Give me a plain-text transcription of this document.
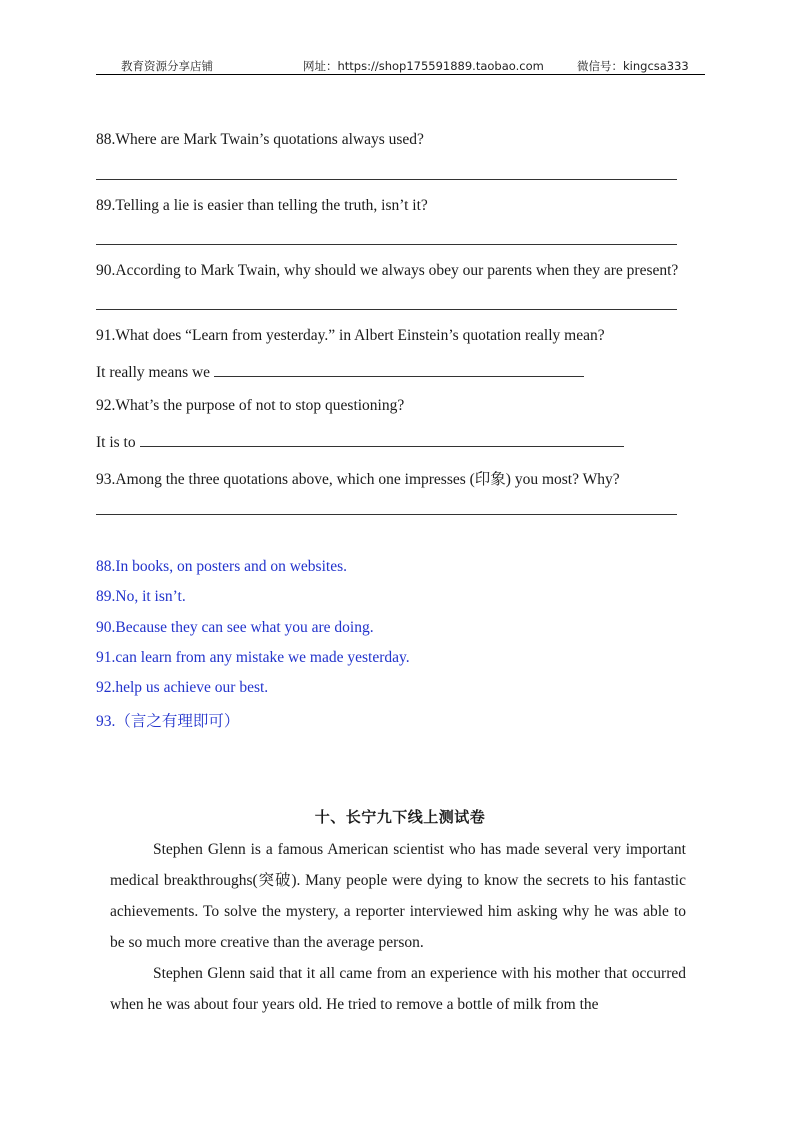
教育资源分享店铺	网址：https://shop175591889.taobao.com	微信号：kingcsa333
88.Where are Mark Twain’s quotations always used?
89.Telling a lie is easier than telling the truth, isn’t it?
90.According to Mark Twain, why should we always obey our parents when they are present?
91.What does “Learn from yesterday.” in Albert Einstein’s quotation really mean?
It really means we
92.What’s the purpose of not to stop questioning?
It is to
93.Among the three quotations above, which one impresses (印象) you most? Why?
88.In books, on posters and on websites.
89.No, it isn’t.
90.Because they can see what you are doing.
91.can learn from any mistake we made yesterday.
92.help us achieve our best.
93.（言之有理即可）
十、长宁九下线上测试卷

Stephen Glenn is a famous American scientist who has made several very important medical breakthroughs(突破). Many people were dying to know the secrets to his fantastic achievements. To solve the mystery, a reporter interviewed him asking why he was able to be so much more creative than the average person.

Stephen Glenn said that it all came from an experience with his mother that occurred when he was about four years old. He tried to remove a bottle of milk from the
